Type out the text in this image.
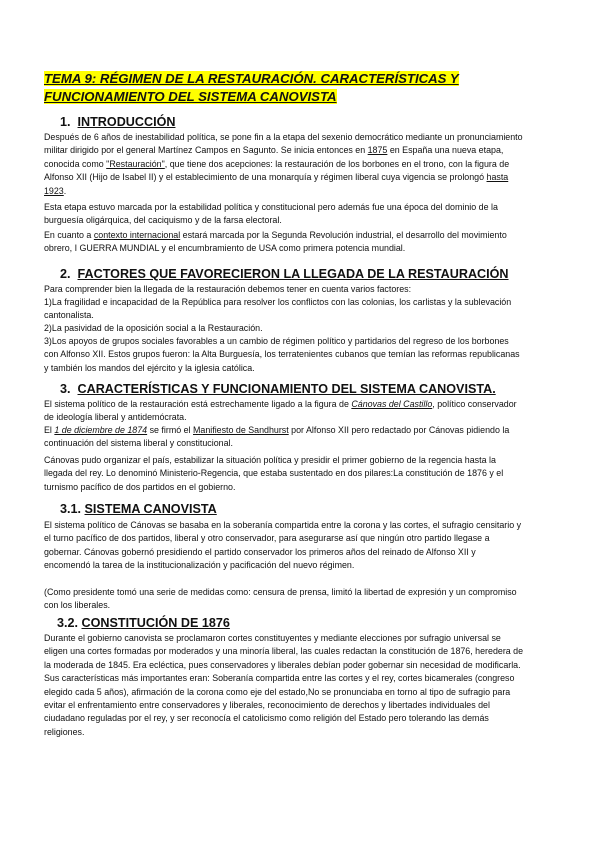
TEMA 9: RÉGIMEN DE LA RESTAURACIÓN. CARACTERÍSTICAS Y FUNCIONAMIENTO DEL SISTEMA CANOVISTA
1. INTRODUCCIÓN

Después de 6 años de inestabilidad política, se pone fin a la etapa del sexenio democrático mediante un pronunciamiento militar dirigido por el general Martínez Campos en Sagunto. Se inicia entonces en 1875 en España una nueva etapa, conocida como "Restauración", que tiene dos acepciones: la restauración de los borbones en el trono, con la figura de Alfonso XII (Hijo de Isabel II) y el establecimiento de una monarquía y régimen liberal cuya vigencia se prolongó hasta 1923.

Esta etapa estuvo marcada por la estabilidad política y constitucional pero además fue una época del dominio de la burguesía oligárquica, del caciquismo y de la farsa electoral.

En cuanto a contexto internacional estará marcada por la Segunda Revolución industrial, el desarrollo del movimiento obrero, I GUERRA MUNDIAL y el encumbramiento de USA como primera potencia mundial.

2. FACTORES QUE FAVORECIERON LA LLEGADA DE LA RESTAURACIÓN

Para comprender bien la llegada de la restauración debemos tener en cuenta varios factores:

1)La fragilidad e incapacidad de la República para resolver los conflictos con las colonias, los carlistas y la sublevación cantonalista.

2)La pasividad de la oposición social a la Restauración.

3)Los apoyos de grupos sociales favorables a un cambio de régimen político y partidarios del regreso de los borbones con Alfonso XII. Estos grupos fueron: la Alta Burguesía, los terratenientes cubanos que temían las reformas republicanas y también los mandos del ejército y la iglesia católica.

3. CARACTERÍSTICAS Y FUNCIONAMIENTO DEL SISTEMA CANOVISTA.

El sistema político de la restauración está estrechamente ligado a la figura de Cánovas del Castillo, político conservador de ideología liberal y antidemócrata.

El 1 de diciembre de 1874 se firmó el Manifiesto de Sandhurst por Alfonso XII pero redactado por Cánovas pidiendo la continuación del sistema liberal y constitucional.

Cánovas pudo organizar el país, estabilizar la situación política y presidir el primer gobierno de la regencia hasta la llegada del rey. Lo denominó Ministerio-Regencia, que estaba sustentado en dos pilares:La constitución de 1876 y el turnismo pacífico de dos partidos en el gobierno.

3.1. SISTEMA CANOVISTA

El sistema político de Cánovas se basaba en la soberanía compartida entre la corona y las cortes, el sufragio censitario y el turno pacífico de dos partidos, liberal y otro conservador, para asegurarse así que ningún otro partido llegase a gobernar. Cánovas gobernó presidiendo el partido conservador los primeros años del reinado de Alfonso XII y encomendó la tarea de la institucionalización y pacificación del nuevo régimen.

(Como presidente tomó una serie de medidas como: censura de prensa, limitó la libertad de expresión y un compromiso con los liberales.

3.2. CONSTITUCIÓN DE 1876

Durante el gobierno canovista se proclamaron cortes constituyentes y mediante elecciones por sufragio universal se eligen una cortes formadas por moderados y una minoría liberal, las cuales redactan la constitución de 1876, heredera de la moderada de 1845. Era ecléctica, pues conservadores y liberales debían poder gobernar sin necesidad de modificarla. Sus características más importantes eran: Soberanía compartida entre las cortes y el rey, cortes bicamerales (congreso elegido cada 5 años), afirmación de la corona como eje del estado,No se pronunciaba en torno al tipo de sufragio para evitar el enfrentamiento entre conservadores y liberales, reconocimiento de derechos y libertades individuales del ciudadano reguladas por el rey, y ser reconocía el catolicismo como religión del Estado pero tolerando las demás religiones.
